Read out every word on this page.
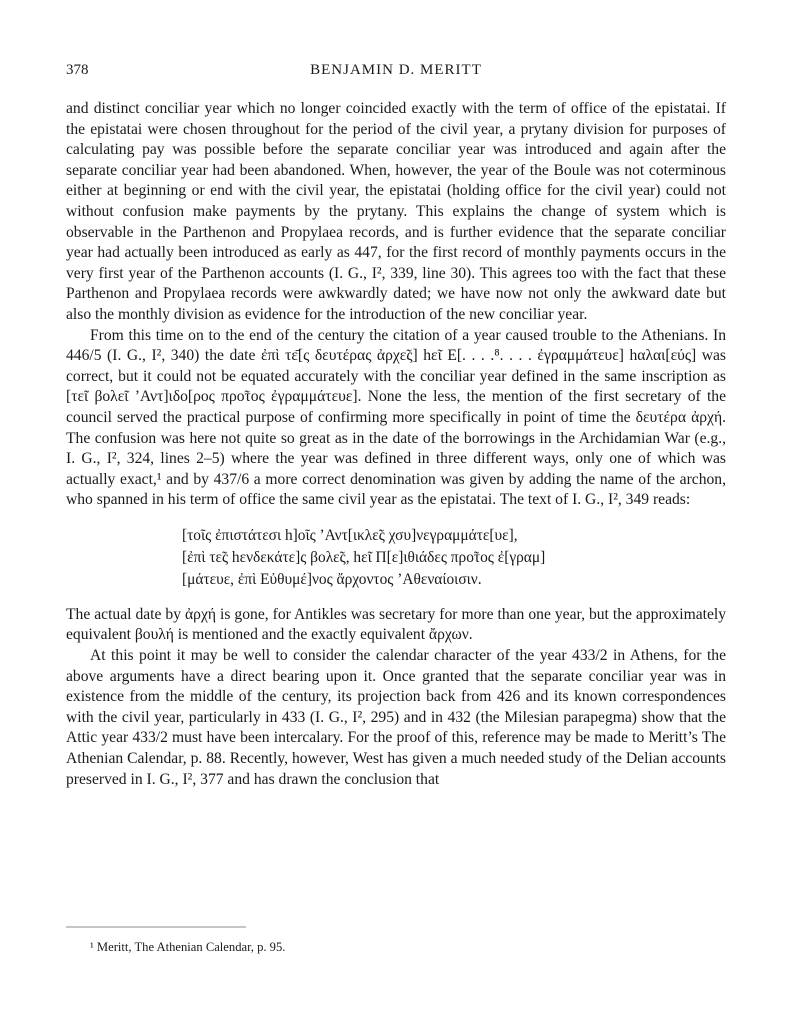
378	BENJAMIN D. MERITT

and distinct conciliar year which no longer coincided exactly with the term of office of the epistatai. If the epistatai were chosen throughout for the period of the civil year, a prytany division for purposes of calculating pay was possible before the separate conciliar year was introduced and again after the separate conciliar year had been abandoned. When, however, the year of the Boule was not coterminous either at beginning or end with the civil year, the epistatai (holding office for the civil year) could not without confusion make payments by the prytany. This explains the change of system which is observable in the Parthenon and Propylaea records, and is further evidence that the separate conciliar year had actually been introduced as early as 447, for the first record of monthly payments occurs in the very first year of the Parthenon accounts (I. G., I², 339, line 30). This agrees too with the fact that these Parthenon and Propylaea records were awkwardly dated; we have now not only the awkward date but also the monthly division as evidence for the introduction of the new conciliar year.

From this time on to the end of the century the citation of a year caused trouble to the Athenians. In 446/5 (I. G., I², 340) the date ἐπὶ τε̄[ς δευτέρας ἀρχε̃ς] hε̃ι Ε[. . . .⁸. . . . ἐγραμμάτευε] hαλαι[εύς] was correct, but it could not be equated accurately with the conciliar year defined in the same inscription as [τε̃ι βολε̃ι ʼΑντ]ιδο[ρος προ̃τος ἐγραμμάτευε]. None the less, the mention of the first secretary of the council served the practical purpose of confirming more specifically in point of time the δευτέρα ἀρχή. The confusion was here not quite so great as in the date of the borrowings in the Archidamian War (e.g., I. G., I², 324, lines 2–5) where the year was defined in three different ways, only one of which was actually exact,¹ and by 437/6 a more correct denomination was given by adding the name of the archon, who spanned in his term of office the same civil year as the epistatai. The text of I. G., I², 349 reads:

[τοῖς ἐπιστάτεσι h]οῖς ʼΑντ[ικλε̃ς χσυ]νεγραμμάτε[υε],
[ἐπὶ τε̃ς hενδεκάτε]ς βολε̃ς, hε̃ι Π[ε]ιθιάδες προ̃τος ἐ[γραμ]
[μάτευε, ἐπὶ Εὐθυμέ]νος ἄρχοντος ʼΑθεναίοισιν.

The actual date by ἀρχή is gone, for Antikles was secretary for more than one year, but the approximately equivalent βουλή is mentioned and the exactly equivalent ἄρχων.

At this point it may be well to consider the calendar character of the year 433/2 in Athens, for the above arguments have a direct bearing upon it. Once granted that the separate conciliar year was in existence from the middle of the century, its projection back from 426 and its known correspondences with the civil year, particularly in 433 (I. G., I², 295) and in 432 (the Milesian parapegma) show that the Attic year 433/2 must have been intercalary. For the proof of this, reference may be made to Meritt’s The Athenian Calendar, p. 88. Recently, however, West has given a much needed study of the Delian accounts preserved in I. G., I², 377 and has drawn the conclusion that

¹ Meritt, The Athenian Calendar, p. 95.
